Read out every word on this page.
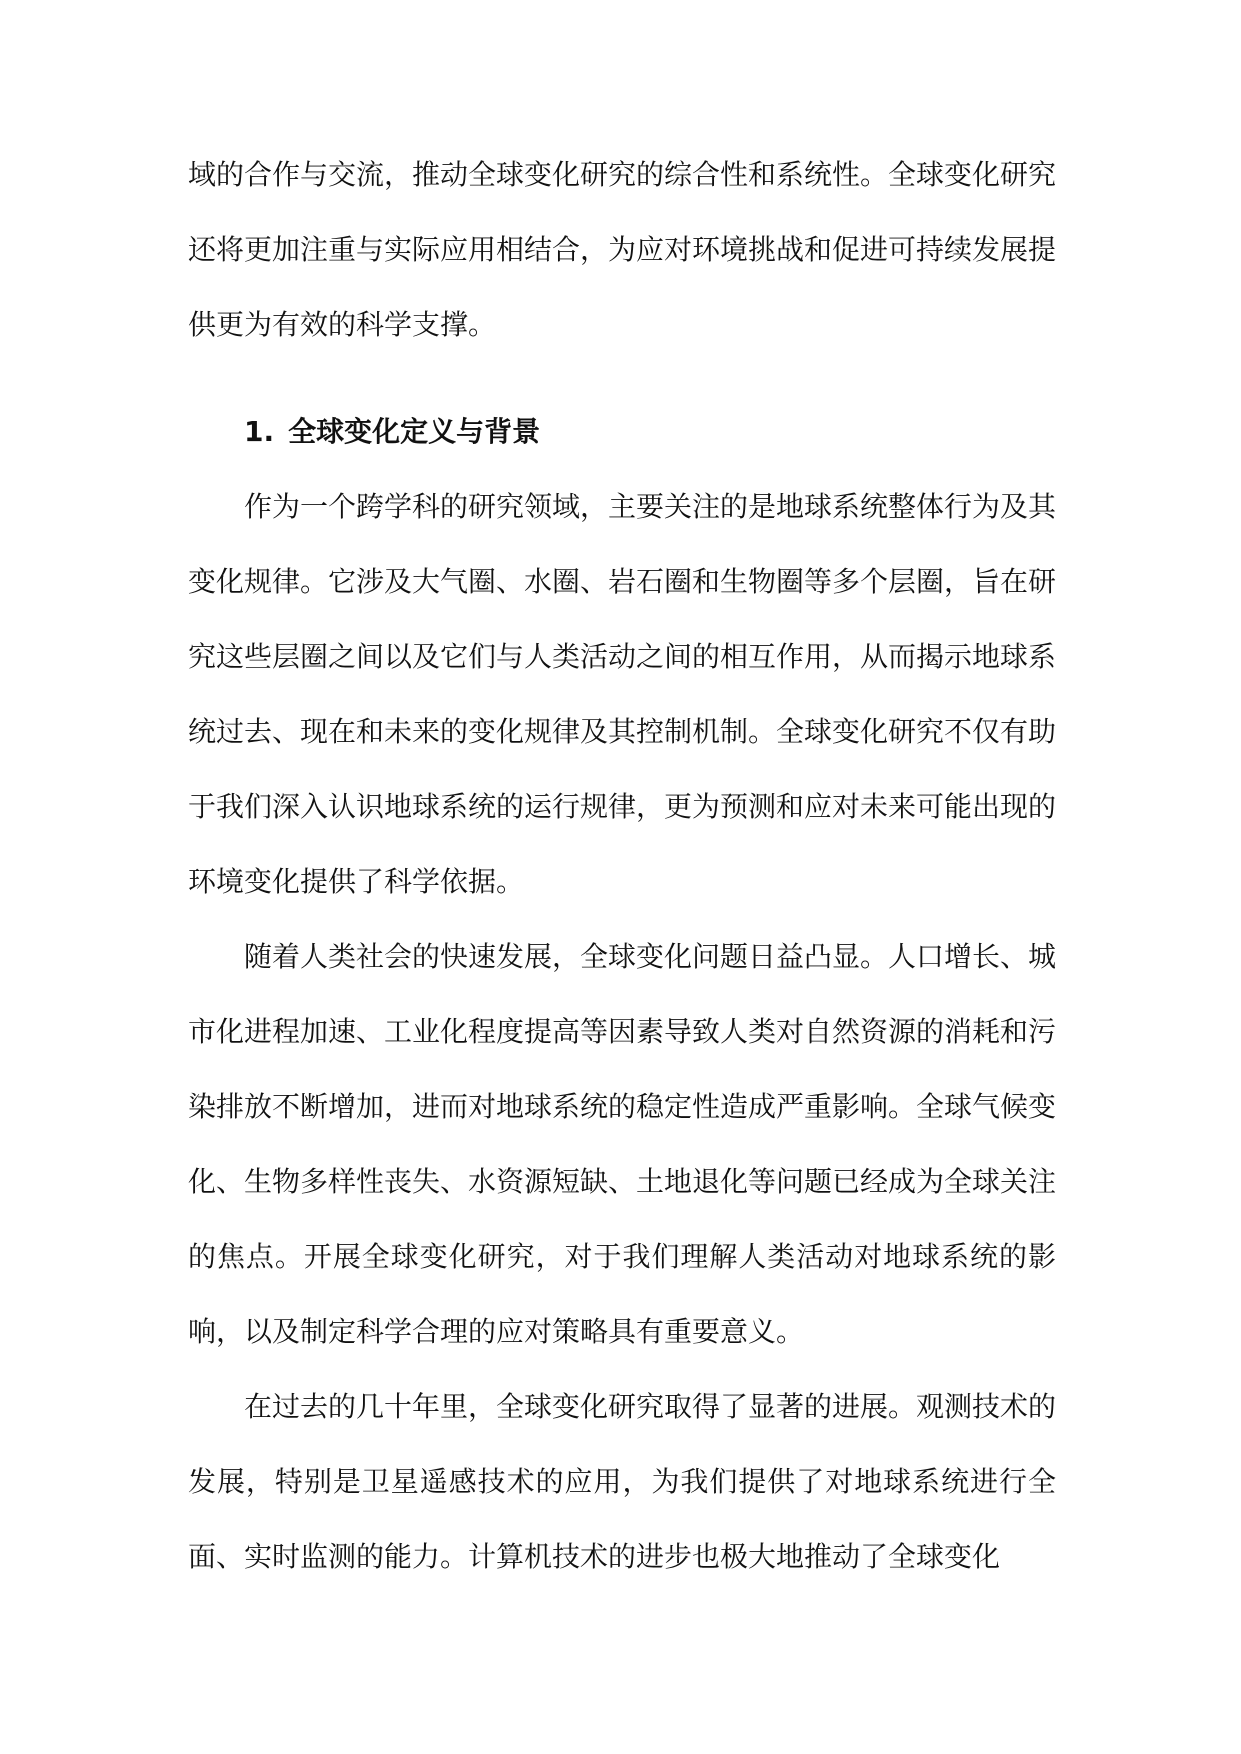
域的合作与交流，推动全球变化研究的综合性和系统性。全球变化研究还将更加注重与实际应用相结合，为应对环境挑战和促进可持续发展提供更为有效的科学支撑。

1. 全球变化定义与背景

作为一个跨学科的研究领域，主要关注的是地球系统整体行为及其变化规律。它涉及大气圈、水圈、岩石圈和生物圈等多个层圈，旨在研究这些层圈之间以及它们与人类活动之间的相互作用，从而揭示地球系统过去、现在和未来的变化规律及其控制机制。全球变化研究不仅有助于我们深入认识地球系统的运行规律，更为预测和应对未来可能出现的环境变化提供了科学依据。

随着人类社会的快速发展，全球变化问题日益凸显。人口增长、城市化进程加速、工业化程度提高等因素导致人类对自然资源的消耗和污染排放不断增加，进而对地球系统的稳定性造成严重影响。全球气候变化、生物多样性丧失、水资源短缺、土地退化等问题已经成为全球关注的焦点。开展全球变化研究，对于我们理解人类活动对地球系统的影响，以及制定科学合理的应对策略具有重要意义。

在过去的几十年里，全球变化研究取得了显著的进展。观测技术的发展，特别是卫星遥感技术的应用，为我们提供了对地球系统进行全面、实时监测的能力。计算机技术的进步也极大地推动了全球变化
